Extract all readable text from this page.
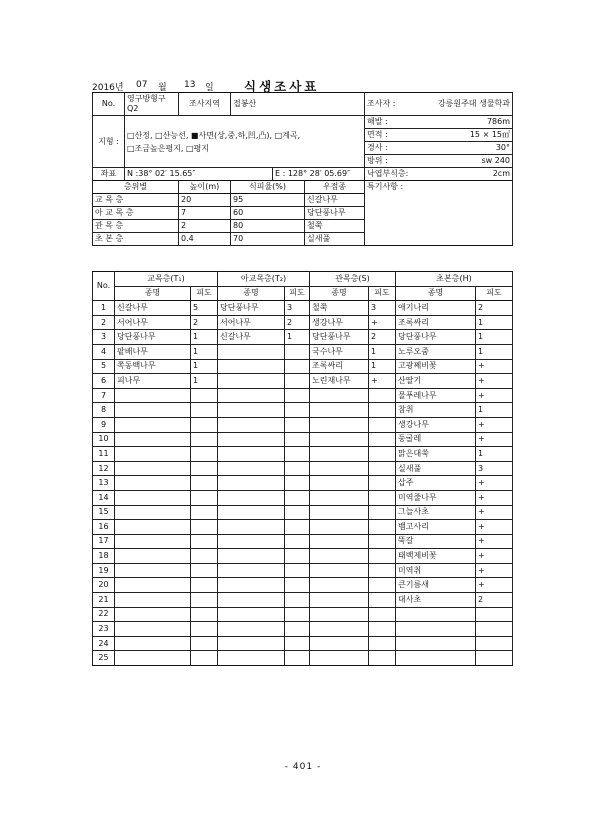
2016년 07 월 13 일 식생조사표
No.	영구방형구 Q2	조사지역	접봉산			조사자 :	강릉원주대 생물학과
지형 :	□산정, □산능선, ■사면(상,중,하,凹,凸), □계곡,
□조금높은평지, □평지					해발 :	786m
						면적 :	15 × 15㎡
						경사 :	30°
						방위 :	sw 240
좌표	N :38° 02′ 15.65″			E : 128° 28′ 05.69″		낙엽부식층:	2cm
층위별		높이(m)	식피율(%)		우점종	특기사항 :	
교 목 층		20	95		신갈나무		
아 교 목 층		7	60		당단풍나무		
관 목 층		2	80		철쭉		
초 본 층		0.4	70		실새풀		
No.	교목층(T₁)		아교목층(T₂)		관목층(S)		초본층(H)	
	종명	피도	종명	피도	종명	피도	종명	피도
1	신갈나무	5	당단풍나무	3	철쭉	3	애기나리	2
2	서어나무	2	서어나무	2	생강나무	+	조록싸리	1
3	당단풍나무	1	신갈나무	1	당단풍나무	2	당단풍나무	1
4	팥배나무	1			국수나무	1	노루오줌	1
5	쪽동백나무	1			조록싸리	1	고광쩨비꽃	+
6	피나무	1			노린재나무	+	산딸기	+
7							물푸레나무	+
8							참취	1
9							생강나무	+
10							둥굴레	+
11							맑은대쑥	1
12							실새풀	3
13							삽주	+
14							미역줄나무	+
15							그늘사초	+
16							뱀고사리	+
17							뚝갈	+
18							태백제비꽃	+
19							미역취	+
20							큰기름새	+
21							대사초	2
22								
23								
24								
25								
- 401 -
